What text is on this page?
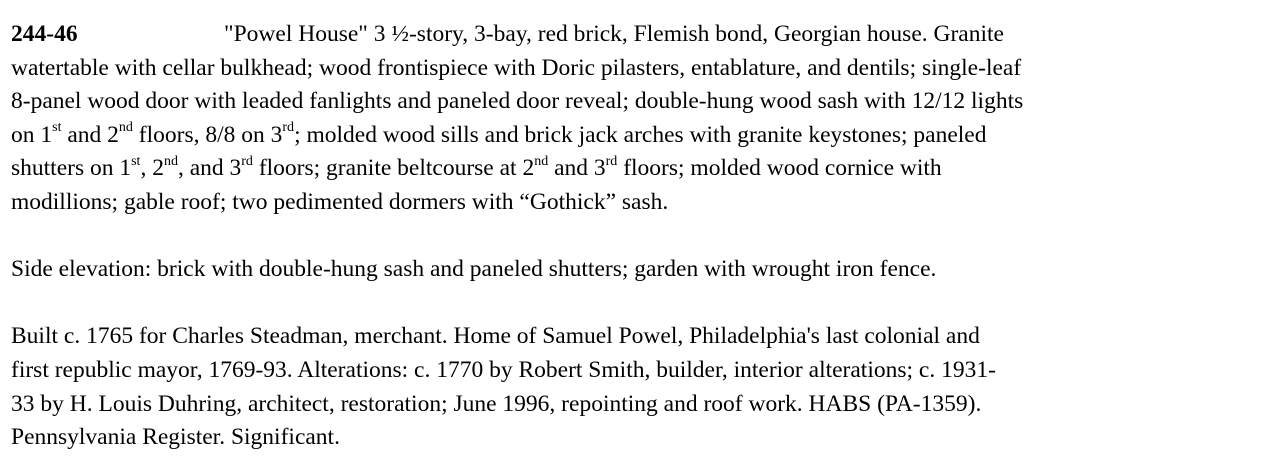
244-46	"Powel House" 3 ½-story, 3-bay, red brick, Flemish bond, Georgian house. Granite
watertable with cellar bulkhead; wood frontispiece with Doric pilasters, entablature, and dentils; single-leaf
8-panel wood door with leaded fanlights and paneled door reveal; double-hung wood sash with 12/12 lights
on 1st and 2nd floors, 8/8 on 3rd; molded wood sills and brick jack arches with granite keystones; paneled
shutters on 1st, 2nd, and 3rd floors; granite beltcourse at 2nd and 3rd floors; molded wood cornice with
modillions; gable roof; two pedimented dormers with “Gothick” sash.
Side elevation: brick with double-hung sash and paneled shutters; garden with wrought iron fence.
Built c. 1765 for Charles Steadman, merchant. Home of Samuel Powel, Philadelphia's last colonial and
first republic mayor, 1769-93. Alterations: c. 1770 by Robert Smith, builder, interior alterations; c. 1931-
33 by H. Louis Duhring, architect, restoration; June 1996, repointing and roof work. HABS (PA-1359).
Pennsylvania Register. Significant.
